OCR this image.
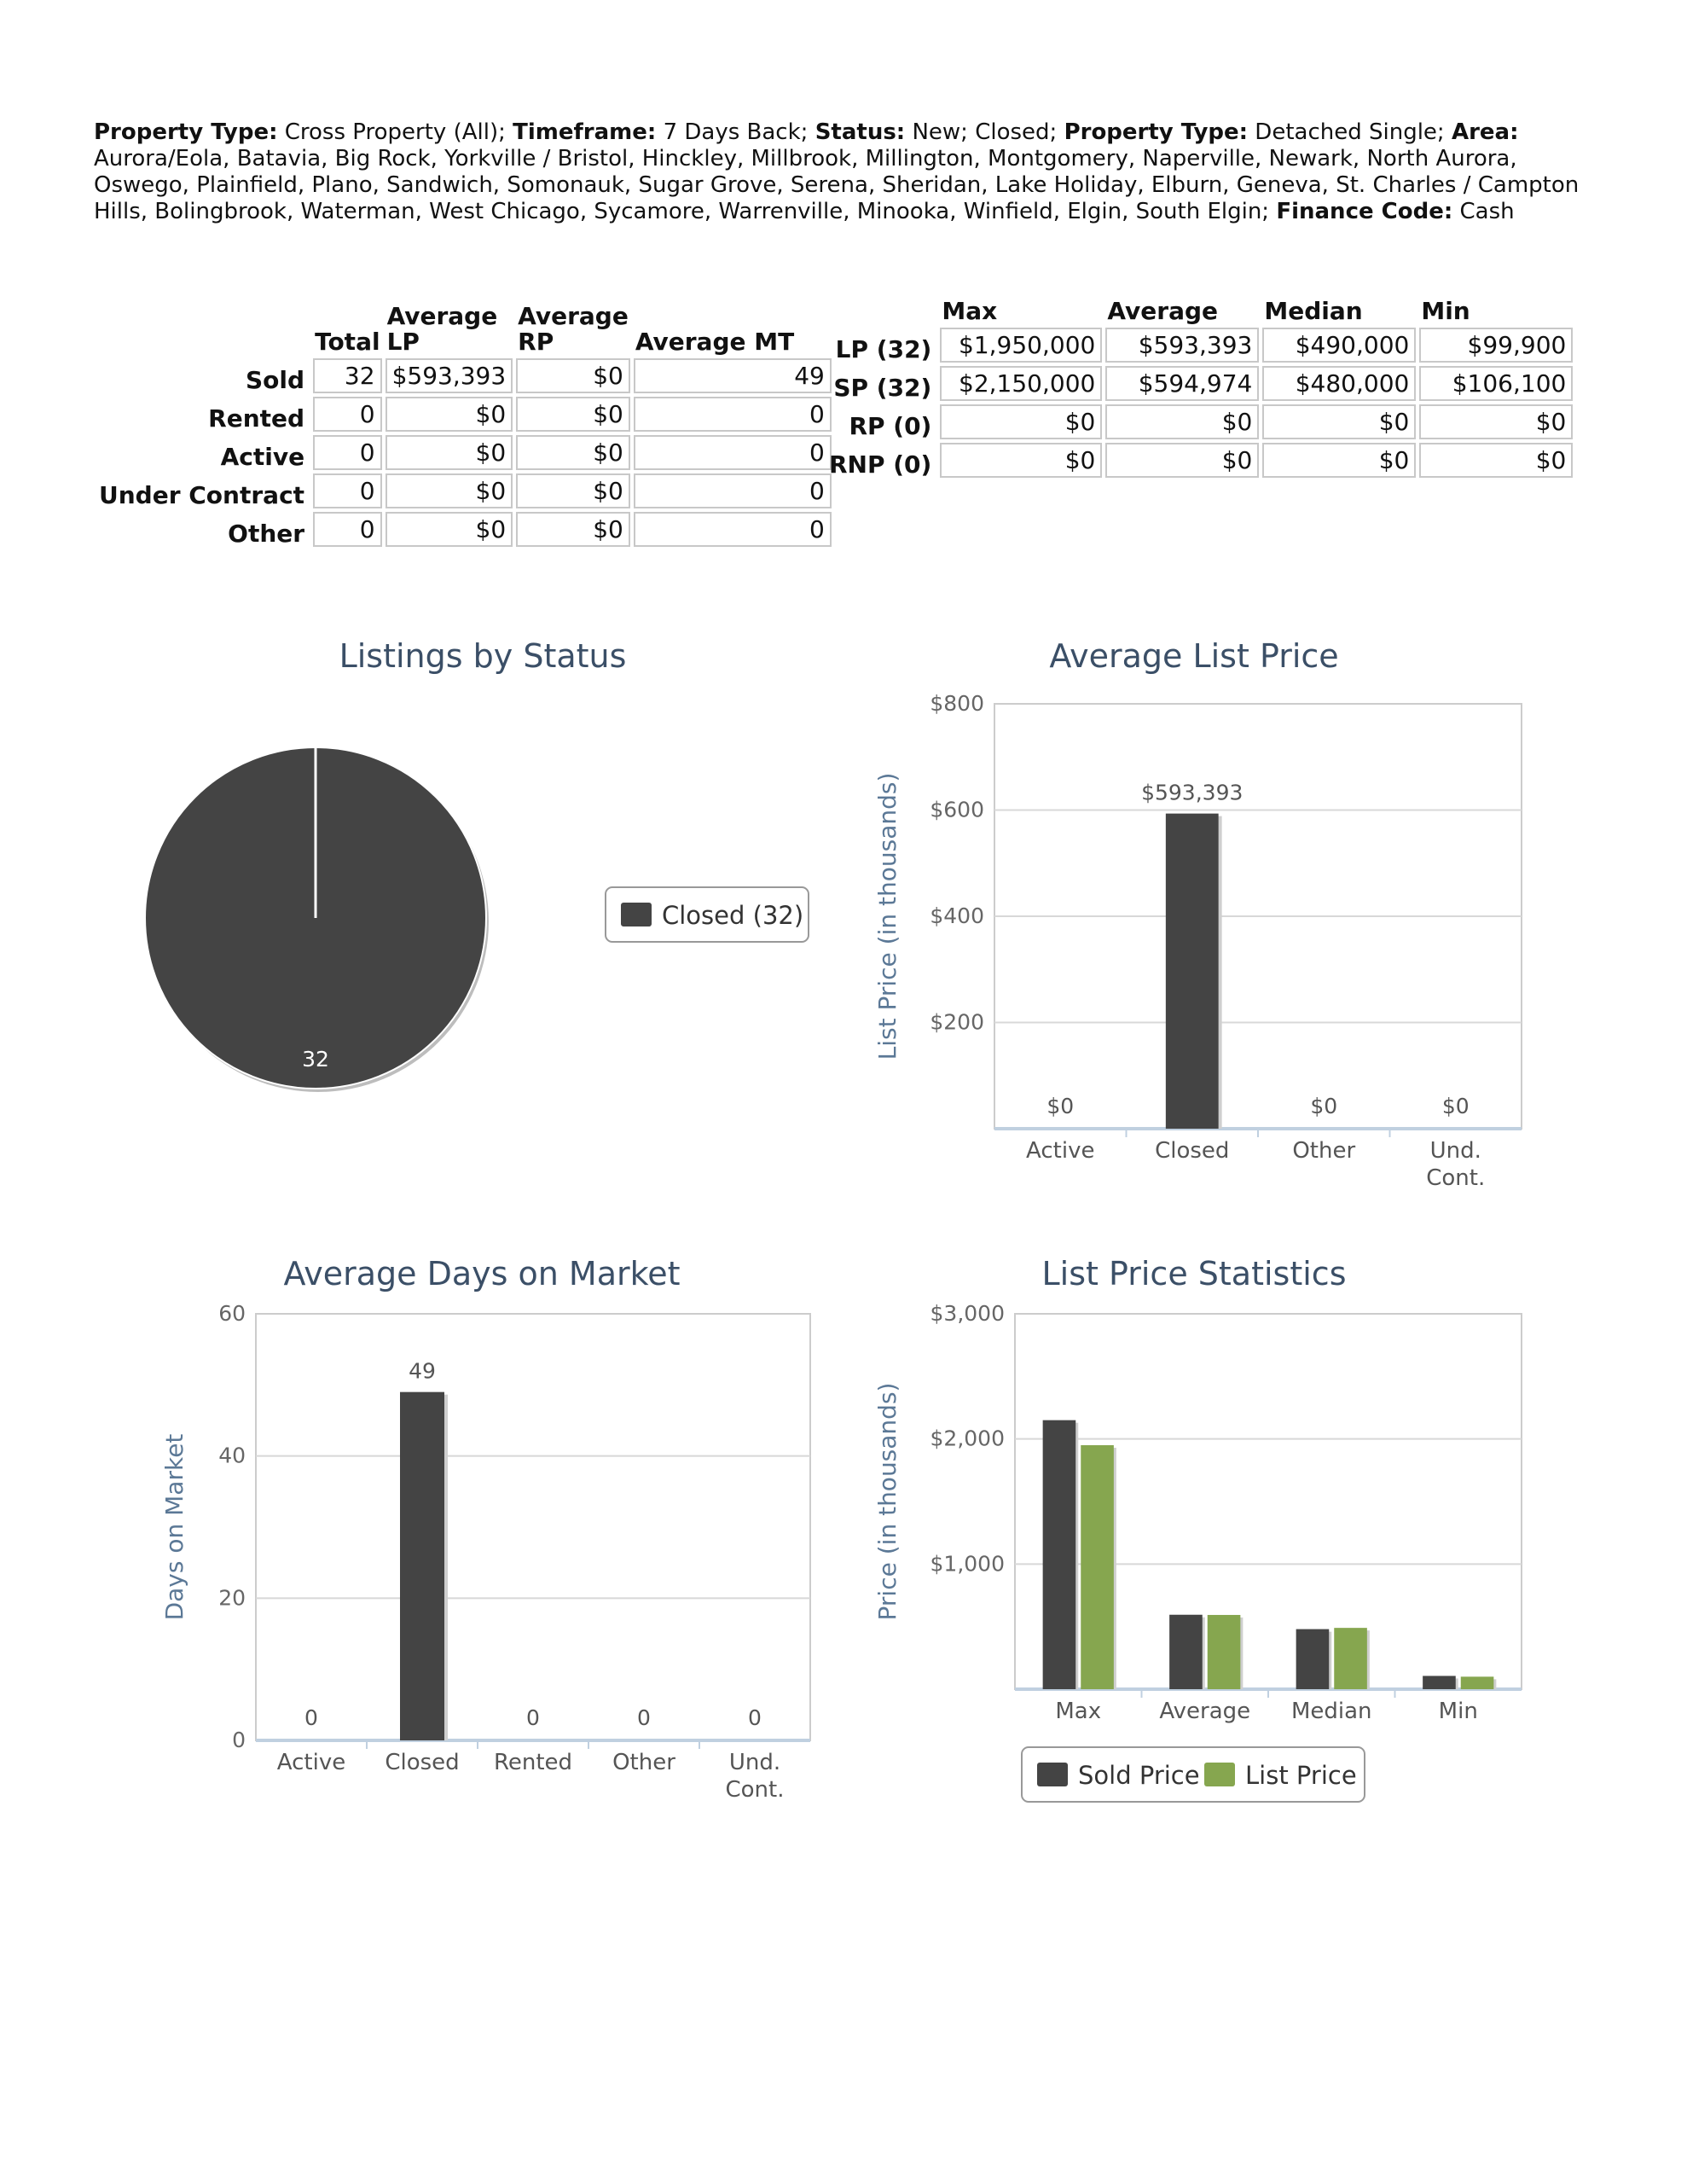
Property Type: Cross Property (All); Timeframe: 7 Days Back; Status: New; Closed; Property Type: Detached Single; Area: Aurora/Eola, Batavia, Big Rock, Yorkville / Bristol, Hinckley, Millbrook, Millington, Montgomery, Naperville, Newark, North Aurora, Oswego, Plainfield, Plano, Sandwich, Somonauk, Sugar Grove, Serena, Sheridan, Lake Holiday, Elburn, Geneva, St. Charles / Campton Hills, Bolingbrook, Waterman, West Chicago, Sycamore, Warrenville, Minooka, Winfield, Elgin, South Elgin; Finance Code: Cash
	Total	Average LP	Average RP	Average MT
Sold	32	$593,393	$0	49
Rented	0	$0	$0	0
Active	0	$0	$0	0
Under Contract	0	$0	$0	0
Other	0	$0	$0	0
	Max	Average	Median	Min
LP (32)	$1,950,000	$593,393	$490,000	$99,900
SP (32)	$2,150,000	$594,974	$480,000	$106,100
RP (0)	$0	$0	$0	$0
RNP (0)	$0	$0	$0	$0
Listings by Status
32
Closed (32)
Average List Price
$200
$400
$600
$800
List Price (in thousands)
Active	Closed	Other	Und. Cont.
$0
$593,393
$0	$0
Average Days on Market
0
20
40
60
Days on Market
Active Closed Rented Other Und. Cont.
0
49
0	0	0
List Price Statistics
$1,000
$2,000
$3,000
Price (in thousands)
Max	Average Median	Min
Sold Price List Price
